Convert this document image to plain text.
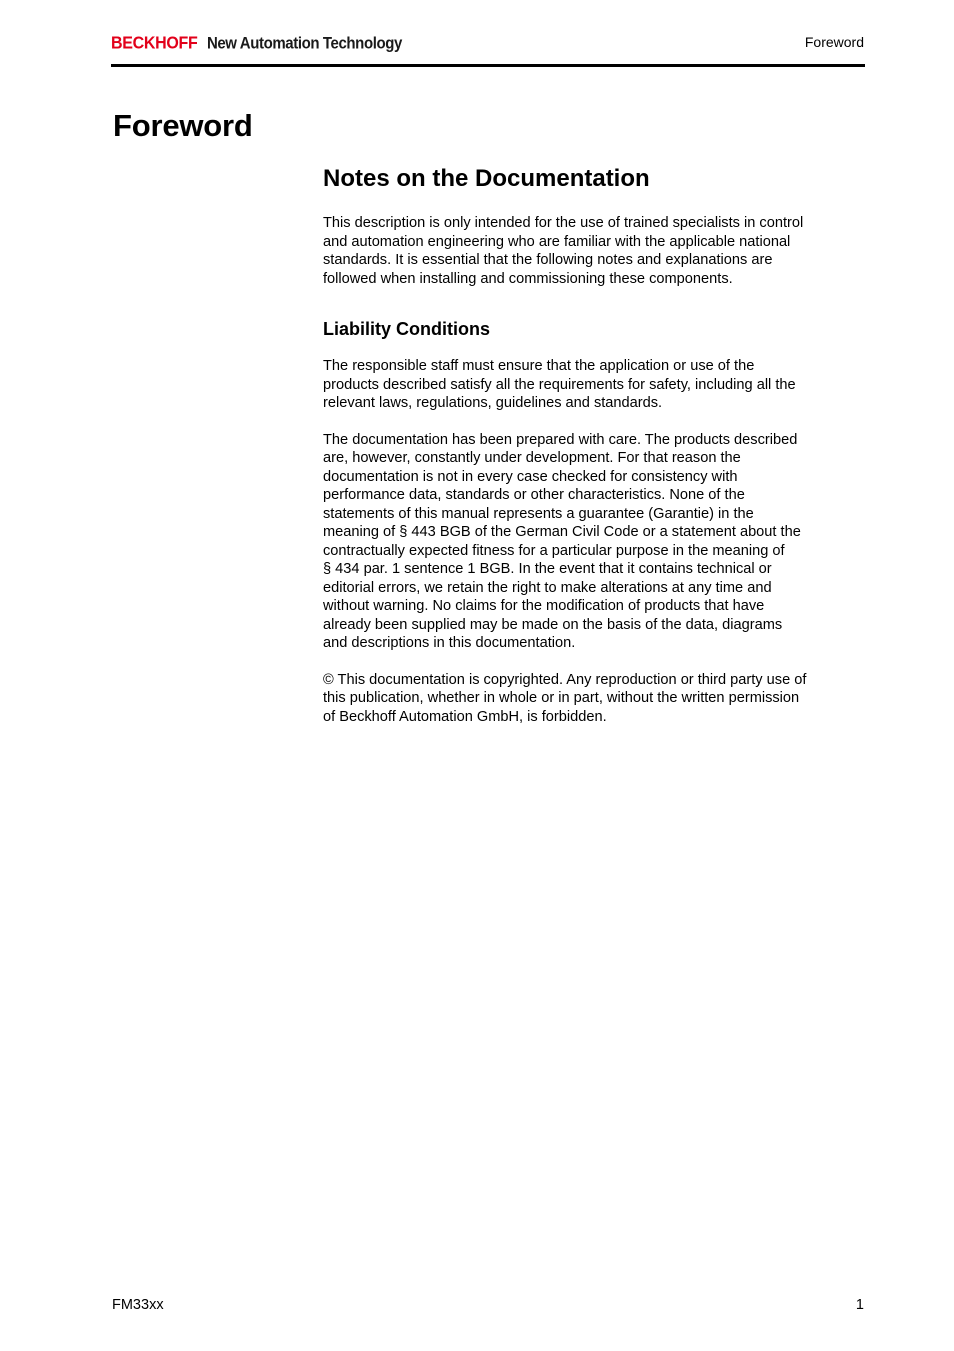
BECKHOFF New Automation Technology	Foreword
Foreword
Notes on the Documentation

This description is only intended for the use of trained specialists in control
and automation engineering who are familiar with the applicable national
standards. It is essential that the following notes and explanations are
followed when installing and commissioning these components.

Liability Conditions

The responsible staff must ensure that the application or use of the
products described satisfy all the requirements for safety, including all the
relevant laws, regulations, guidelines and standards.

The documentation has been prepared with care. The products described
are, however, constantly under development. For that reason the
documentation is not in every case checked for consistency with
performance data, standards or other characteristics. None of the
statements of this manual represents a guarantee (Garantie) in the
meaning of § 443 BGB of the German Civil Code or a statement about the
contractually expected fitness for a particular purpose in the meaning of
§ 434 par. 1 sentence 1 BGB. In the event that it contains technical or
editorial errors, we retain the right to make alterations at any time and
without warning. No claims for the modification of products that have
already been supplied may be made on the basis of the data, diagrams
and descriptions in this documentation.

© This documentation is copyrighted. Any reproduction or third party use of
this publication, whether in whole or in part, without the written permission
of Beckhoff Automation GmbH, is forbidden.

FM33xx	1
